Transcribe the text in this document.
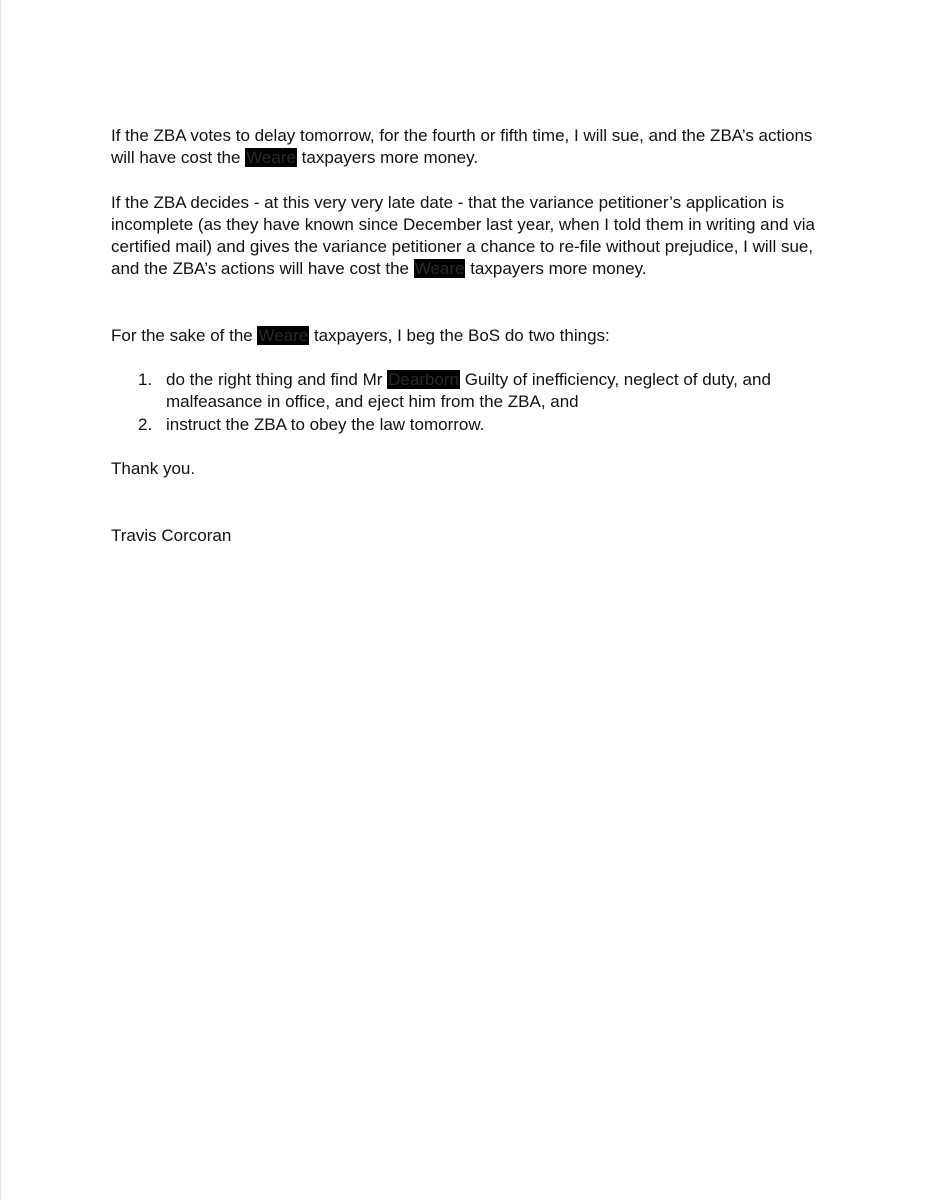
If the ZBA votes to delay tomorrow, for the fourth or fifth time, I will sue, and the ZBA’s actions will have cost the Weare taxpayers more money.

If the ZBA decides - at this very very late date - that the variance petitioner’s application is incomplete (as they have known since December last year, when I told them in writing and via certified mail) and gives the variance petitioner a chance to re-file without prejudice, I will sue, and the ZBA’s actions will have cost the Weare taxpayers more money.

For the sake of the Weare taxpayers, I beg the BoS do two things:

1. do the right thing and find Mr Dearborn Guilty of inefficiency, neglect of duty, and malfeasance in office, and eject him from the ZBA, and
2. instruct the ZBA to obey the law tomorrow.

Thank you.

Travis Corcoran
